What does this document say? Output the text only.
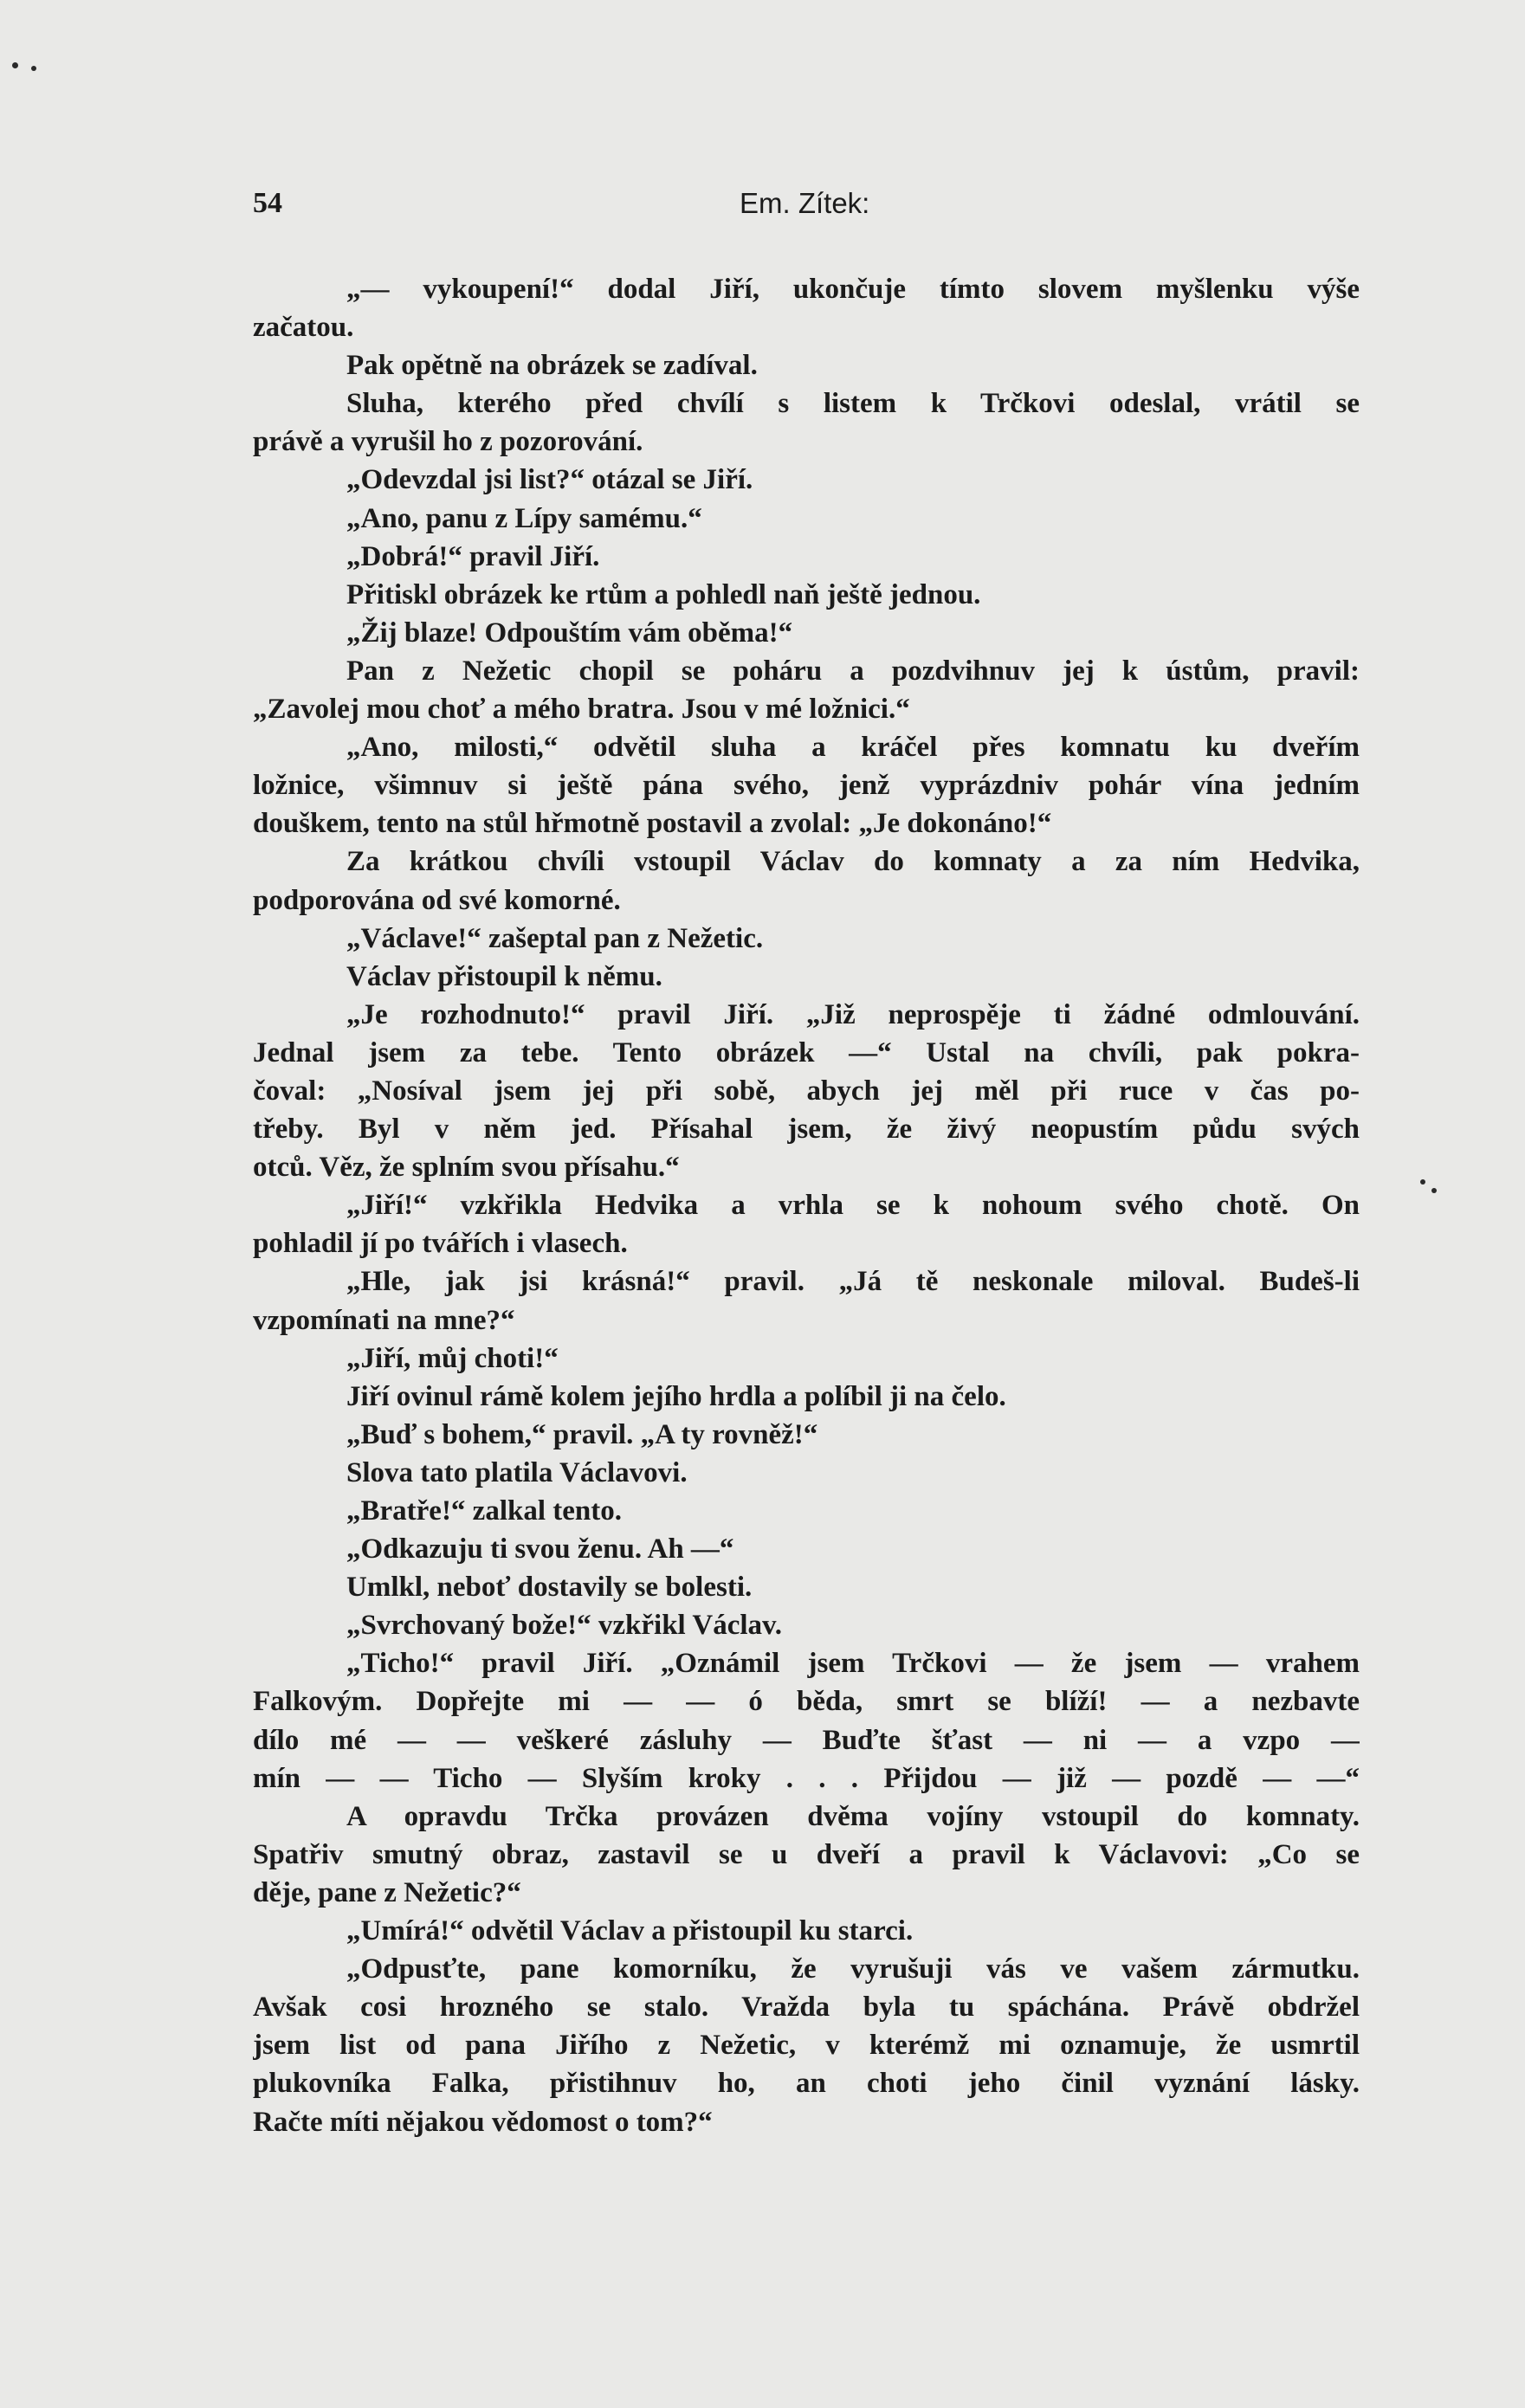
54	Em. Zítek:
„— vykoupení!“ dodal Jiří, ukončuje tímto slovem myšlenku výše
začatou.
Pak opětně na obrázek se zadíval.
Sluha, kterého před chvílí s listem k Trčkovi odeslal, vrátil se
právě a vyrušil ho z pozorování.
„Odevzdal jsi list?“ otázal se Jiří.
„Ano, panu z Lípy samému.“
„Dobrá!“ pravil Jiří.
Přitiskl obrázek ke rtům a pohledl naň ještě jednou.
„Žij blaze! Odpouštím vám oběma!“
Pan z Nežetic chopil se poháru a pozdvihnuv jej k ústům, pravil:
„Zavolej mou choť a mého bratra. Jsou v mé ložnici.“
„Ano, milosti,“ odvětil sluha a kráčel přes komnatu ku dveřím
ložnice, všimnuv si ještě pána svého, jenž vyprázdniv pohár vína jedním
douškem, tento na stůl hřmotně postavil a zvolal: „Je dokonáno!“
Za krátkou chvíli vstoupil Václav do komnaty a za ním Hedvika,
podporována od své komorné.
„Václave!“ zašeptal pan z Nežetic.
Václav přistoupil k němu.
„Je rozhodnuto!“ pravil Jiří. „Již neprospěje ti žádné odmlouvání.
Jednal jsem za tebe. Tento obrázek —“ Ustal na chvíli, pak pokra-
čoval: „Nosíval jsem jej při sobě, abych jej měl při ruce v čas po-
třeby. Byl v něm jed. Přísahal jsem, že živý neopustím půdu svých
otců. Věz, že splním svou přísahu.“
„Jiří!“ vzkřikla Hedvika a vrhla se k nohoum svého chotě. On
pohladil jí po tvářích i vlasech.
„Hle, jak jsi krásná!“ pravil. „Já tě neskonale miloval. Budeš-li
vzpomínati na mne?“
„Jiří, můj choti!“
Jiří ovinul rámě kolem jejího hrdla a políbil ji na čelo.
„Buď s bohem,“ pravil. „A ty rovněž!“
Slova tato platila Václavovi.
„Bratře!“ zalkal tento.
„Odkazuju ti svou ženu. Ah —“
Umlkl, neboť dostavily se bolesti.
„Svrchovaný bože!“ vzkřikl Václav.
„Ticho!“ pravil Jiří. „Oznámil jsem Trčkovi — že jsem — vrahem
Falkovým. Dopřejte mi — — ó běda, smrt se blíží! — a nezbavte
dílo mé — — veškeré zásluhy — Buďte šťast — ni — a vzpo —
mín — — Ticho — Slyším kroky . . . Přijdou — již — pozdě — —“
A opravdu Trčka provázen dvěma vojíny vstoupil do komnaty.
Spatřiv smutný obraz, zastavil se u dveří a pravil k Václavovi: „Co se
děje, pane z Nežetic?“
„Umírá!“ odvětil Václav a přistoupil ku starci.
„Odpusťte, pane komorníku, že vyrušuji vás ve vašem zármutku.
Avšak cosi hrozného se stalo. Vražda byla tu spáchána. Právě obdržel
jsem list od pana Jiřího z Nežetic, v kterémž mi oznamuje, že usmrtil
plukovníka Falka, přistihnuv ho, an choti jeho činil vyznání lásky.
Račte míti nějakou vědomost o tom?“
